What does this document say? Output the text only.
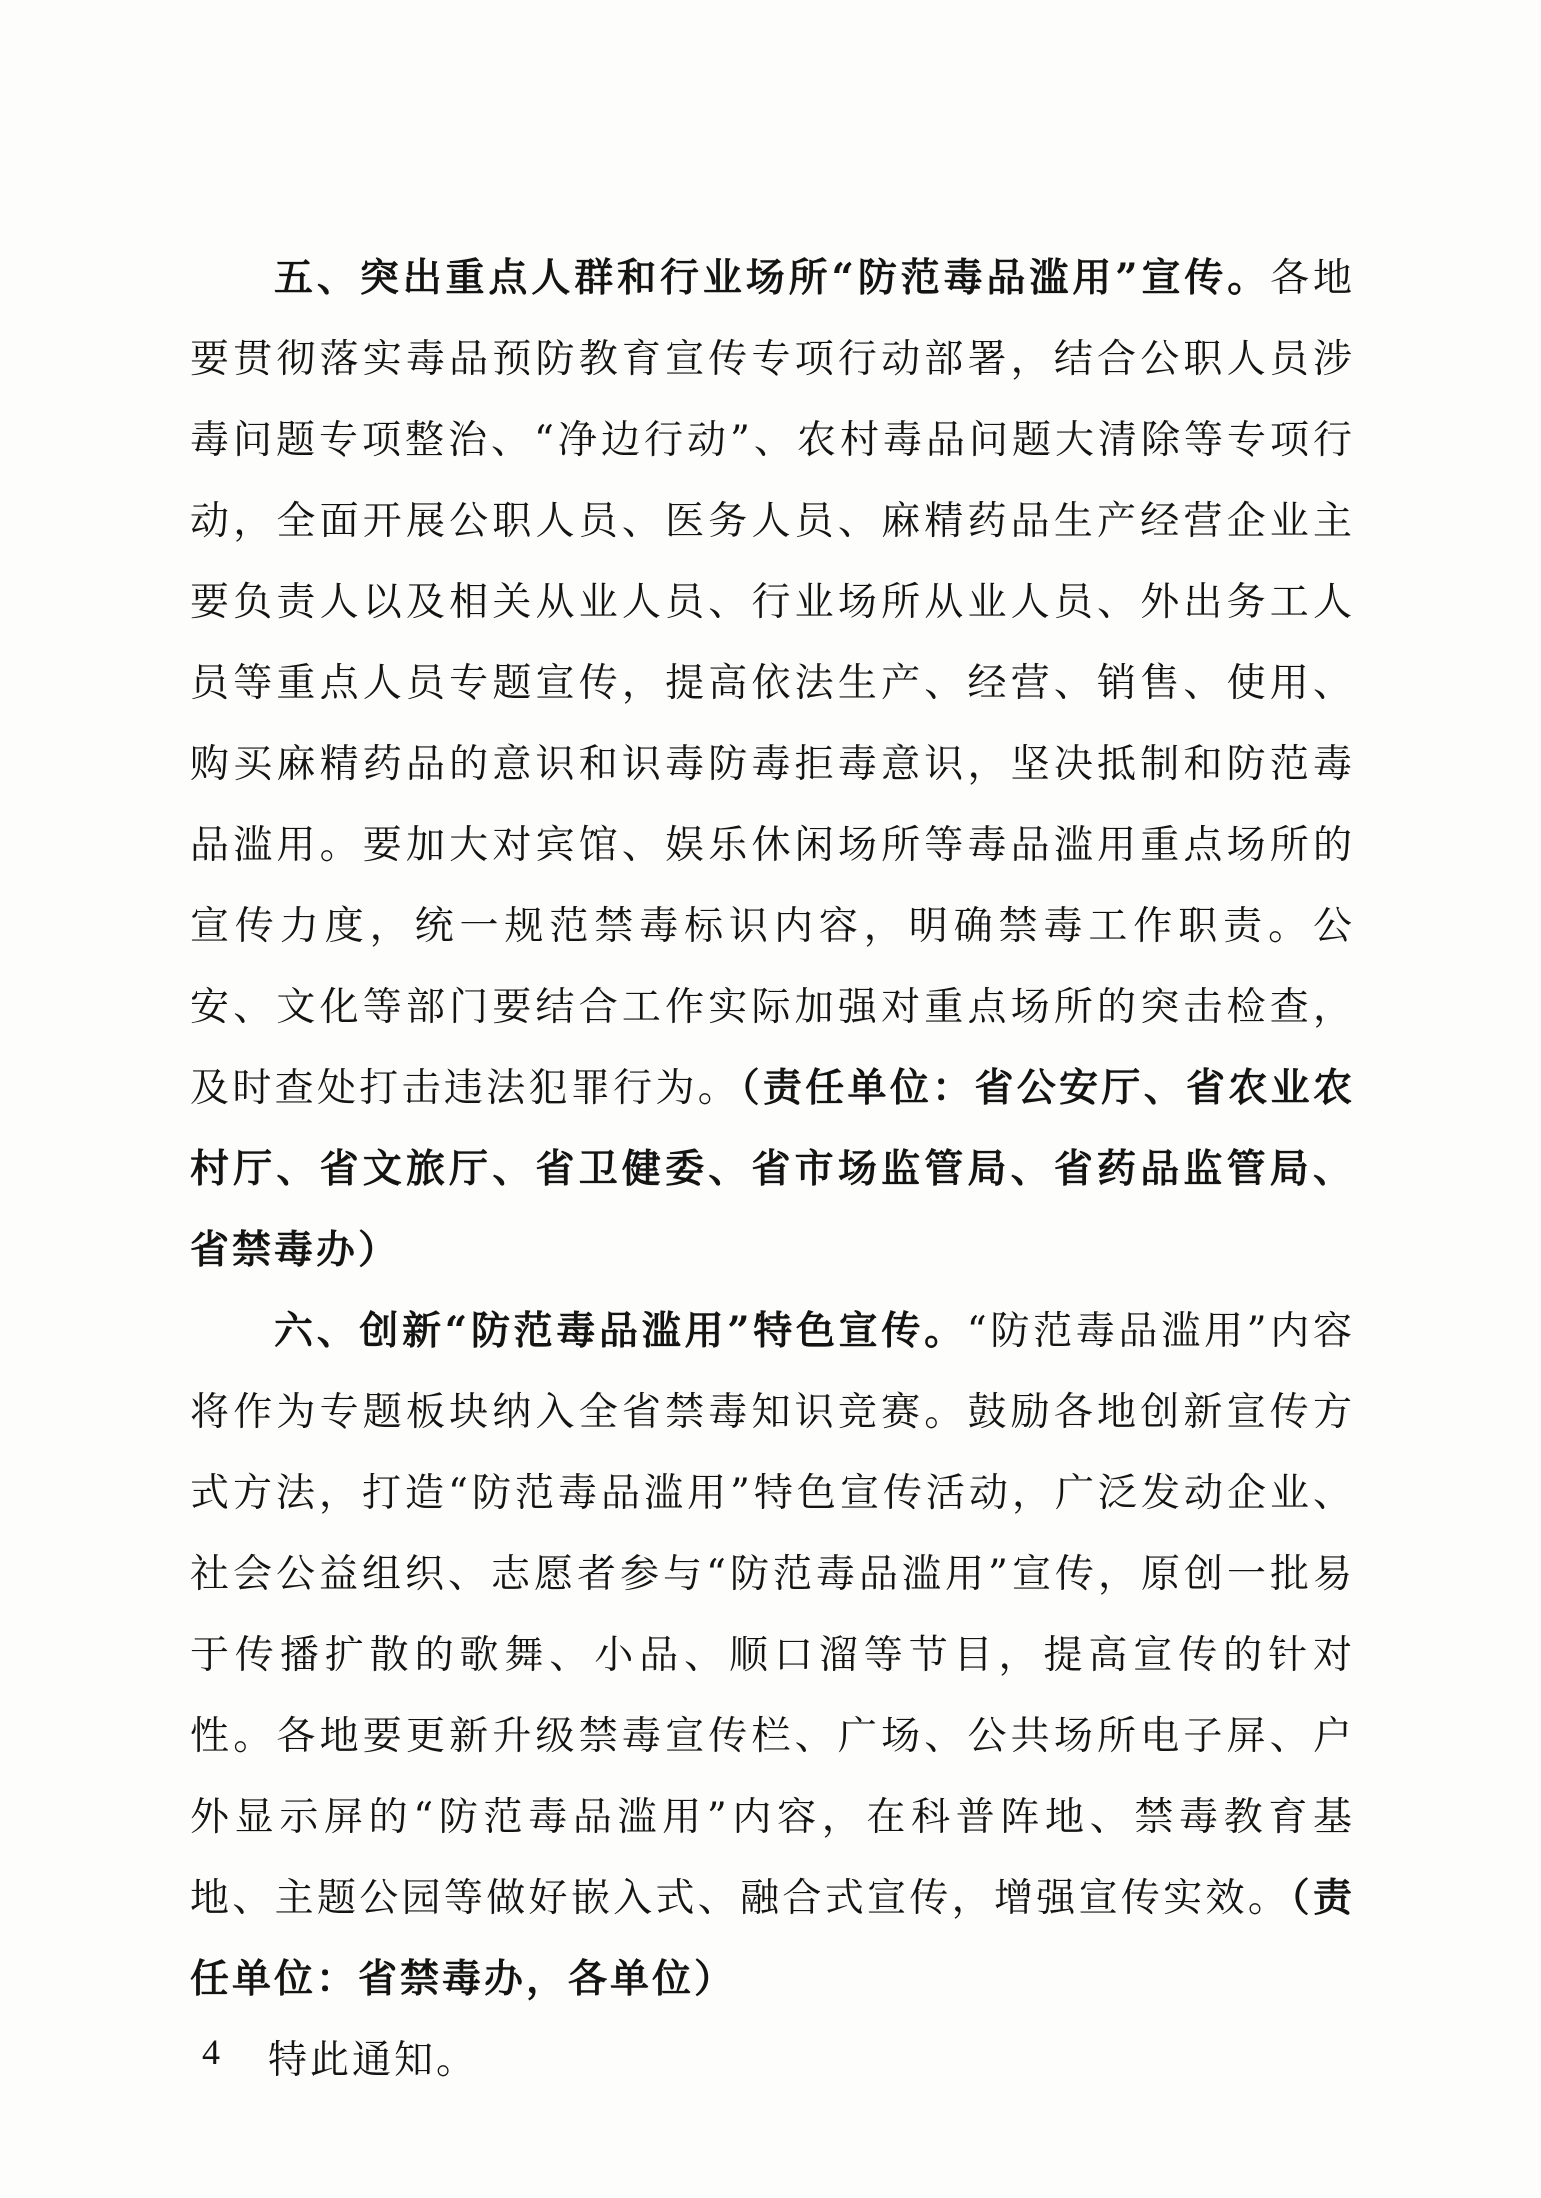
五、突出重点人群和行业场所“防范毒品滥用”宣传。各地要贯彻落实毒品预防教育宣传专项行动部署，结合公职人员涉毒问题专项整治、“净边行动”、农村毒品问题大清除等专项行动，全面开展公职人员、医务人员、麻精药品生产经营企业主要负责人以及相关从业人员、行业场所从业人员、外出务工人员等重点人员专题宣传，提高依法生产、经营、销售、使用、购买麻精药品的意识和识毒防毒拒毒意识，坚决抵制和防范毒品滥用。要加大对宾馆、娱乐休闲场所等毒品滥用重点场所的宣传力度，统一规范禁毒标识内容，明确禁毒工作职责。公安、文化等部门要结合工作实际加强对重点场所的突击检查，及时查处打击违法犯罪行为。（责任单位：省公安厅、省农业农村厅、省文旅厅、省卫健委、省市场监管局、省药品监管局、省禁毒办）

六、创新“防范毒品滥用”特色宣传。“防范毒品滥用”内容将作为专题板块纳入全省禁毒知识竞赛。鼓励各地创新宣传方式方法，打造“防范毒品滥用”特色宣传活动，广泛发动企业、社会公益组织、志愿者参与“防范毒品滥用”宣传，原创一批易于传播扩散的歌舞、小品、顺口溜等节目，提高宣传的针对性。各地要更新升级禁毒宣传栏、广场、公共场所电子屏、户外显示屏的“防范毒品滥用”内容，在科普阵地、禁毒教育基地、主题公园等做好嵌入式、融合式宣传，增强宣传实效。（责任单位：省禁毒办，各单位）

特此通知。

4
